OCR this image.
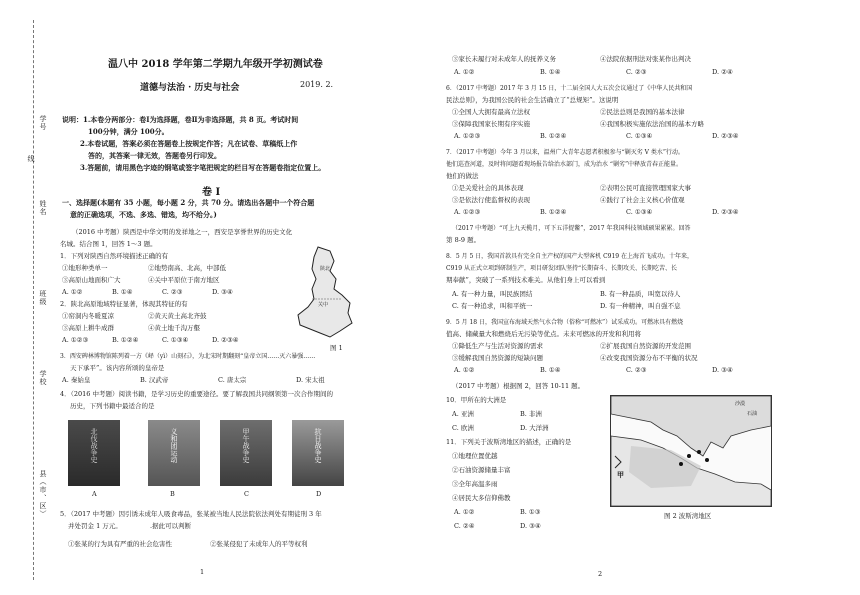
学号
姓名
班级
学校
县（市、区）
线
温八中 2018 学年第二学期九年级开学初测试卷
道德与法治 · 历史与社会	2019. 2.
说明：1.本卷分两部分：卷Ⅰ为选择题，卷Ⅱ为非选择题，共 8 页。考试时间
100分钟，满分 100分。
2.本卷试题，答案必须在答题卷上按规定作答；凡在试卷、草稿纸上作
答的，其答案一律无效，答题卷另行印发。
3.答题前，请用黑色字迹的钢笔或签字笔把规定的栏目写在答题卷指定位置上。
卷 Ⅰ
一、选择题(本题有 35 小题，每小题 2 分，共 70 分。请选出各题中一个符合题
意的正确选项，不选、多选、错选，均不给分。)
（2016 中考题）陕西是中华文明的发祥地之一，西安是享誉世界的历史文化
名城。结合图 1，回答 1～3 题。
1．下列对陕西自然环境描述正确的有
①地形种类单一	②地势南高、北高，中部低
③高原山地面积广大	④关中平原位于南方地区
A. ①②	B. ①④	C. ②③	D. ③④
2．陕北高原地域特征显著，体现其特征的有
①窑洞内冬暖夏凉	②黄天黄土高北齐鼓
③高原上耕牛成群	④黄土地千沟万壑
A. ①②③	B. ①②④	C. ①③④	D. ②③④
3．西安碑林博物馆陈列着一方《峄（yì）山刻石》，为北宋时期翻刻“皇帝立国……灭六暴强……
天下承平”。该内容所颂的皇帝是
A. 秦始皇	B. 汉武帝	C. 唐太宗	D. 宋太祖
4．（2016 中考题）阅读书籍，是学习历史的重要途径。要了解我国共同纲领第一次合作期间的
历史，下列书籍中最适合的是
北伐战争史	义和团运动	甲午战争史	抗日战争史
A	B	C	D
5．（2017 中考题）因引诱未成年人吸食毒品，张某被当地人民法院依法判处有期徒刑 3 年
并处罚金 1 万元。	.据此可以判断
①张某的行为具有严重的社会危害性	②张某侵犯了未成年人的平等权利
陕北
关中
图 1
1
③家长未履行对未成年人的抚养义务	④法院依据刑法对张某作出判决
A. ①②	B. ①④	C. ②③	D. ②④
6．（2017 中考题）2017 年 3 月 15 日，十二届全国人大五次会议通过了《中华人民共和国
民法总则》，为我国公民的社会生活确立了“总规矩”。这说明
①全国人大拥有最高立法权	②民法总则是我国的基本法律
③保障我国家长期有序实施	④我国积极实施依法治国的基本方略
A. ①②③	B. ①②④	C. ①③④	D. ②③④
7．（2017 中考题）今年 3 月以来，温州广大青年志愿者积极参与“剿灭劣 V 类水”行动。
他们巡查河道，及时将问题看现场报告给治水部门，成为治水 “剿劣”中释放青春正能量。
他们的做法
①是关爱社会的具体表现	②表明公民可直接管理国家大事
③是依法行使监督权的表现	④践行了社会主义核心价值观
A. ①②③	B. ①②④	C. ①③④	D. ②③④
（2017 中考题）“可上九天揽月，可下五洋捉鳖”，2017 年我国科技领域硕果累累。回答
第 8-9 题。
8．5 月 5 日，我国首款具有完全自主产权的国产大型客机 C919 在上海首飞成功。十年来，
C919 从正式立项到研制生产，项目研发团队坚持“长期奋斗、长期攻关、长期吃苦、长
期奉献”，突破了一系列技术难关。从他们身上可以看到
A. 有一种力量，叫民族团结	B. 有一种品质，叫宽以待人
C. 有一种追求，叫和平统一	D. 有一种精神，叫自强不息
9．5 月 18 日，我国宣布海域天然气水合物（俗称“可燃冰”）试采成功。可燃冰具有燃烧
值高、储藏量大和燃烧后无污染等优点。未来可燃冰的开发和利用将
①降低生产与生活对资源的需求	②扩展我国自然资源的开发范围
③缓解我国自然资源的短缺问题	④改变我国资源分布不平衡的状况
A. ①②	B. ①④	C. ②③	D. ③④
（2017 中考题）根据图 2，回答 10-11 题。
10．甲所在的大洲是
A. 亚洲	B. 非洲
C. 欧洲	D. 大洋洲
11．下列关于波斯湾地区的描述，正确的是
①地理位置优越
②石油资源储量丰富
③全年高温多雨
④居民大多信仰佛教
A. ①②	B. ①③
C. ②④	D. ③④
甲
沙漠
石油
图 2 波斯湾地区
2
